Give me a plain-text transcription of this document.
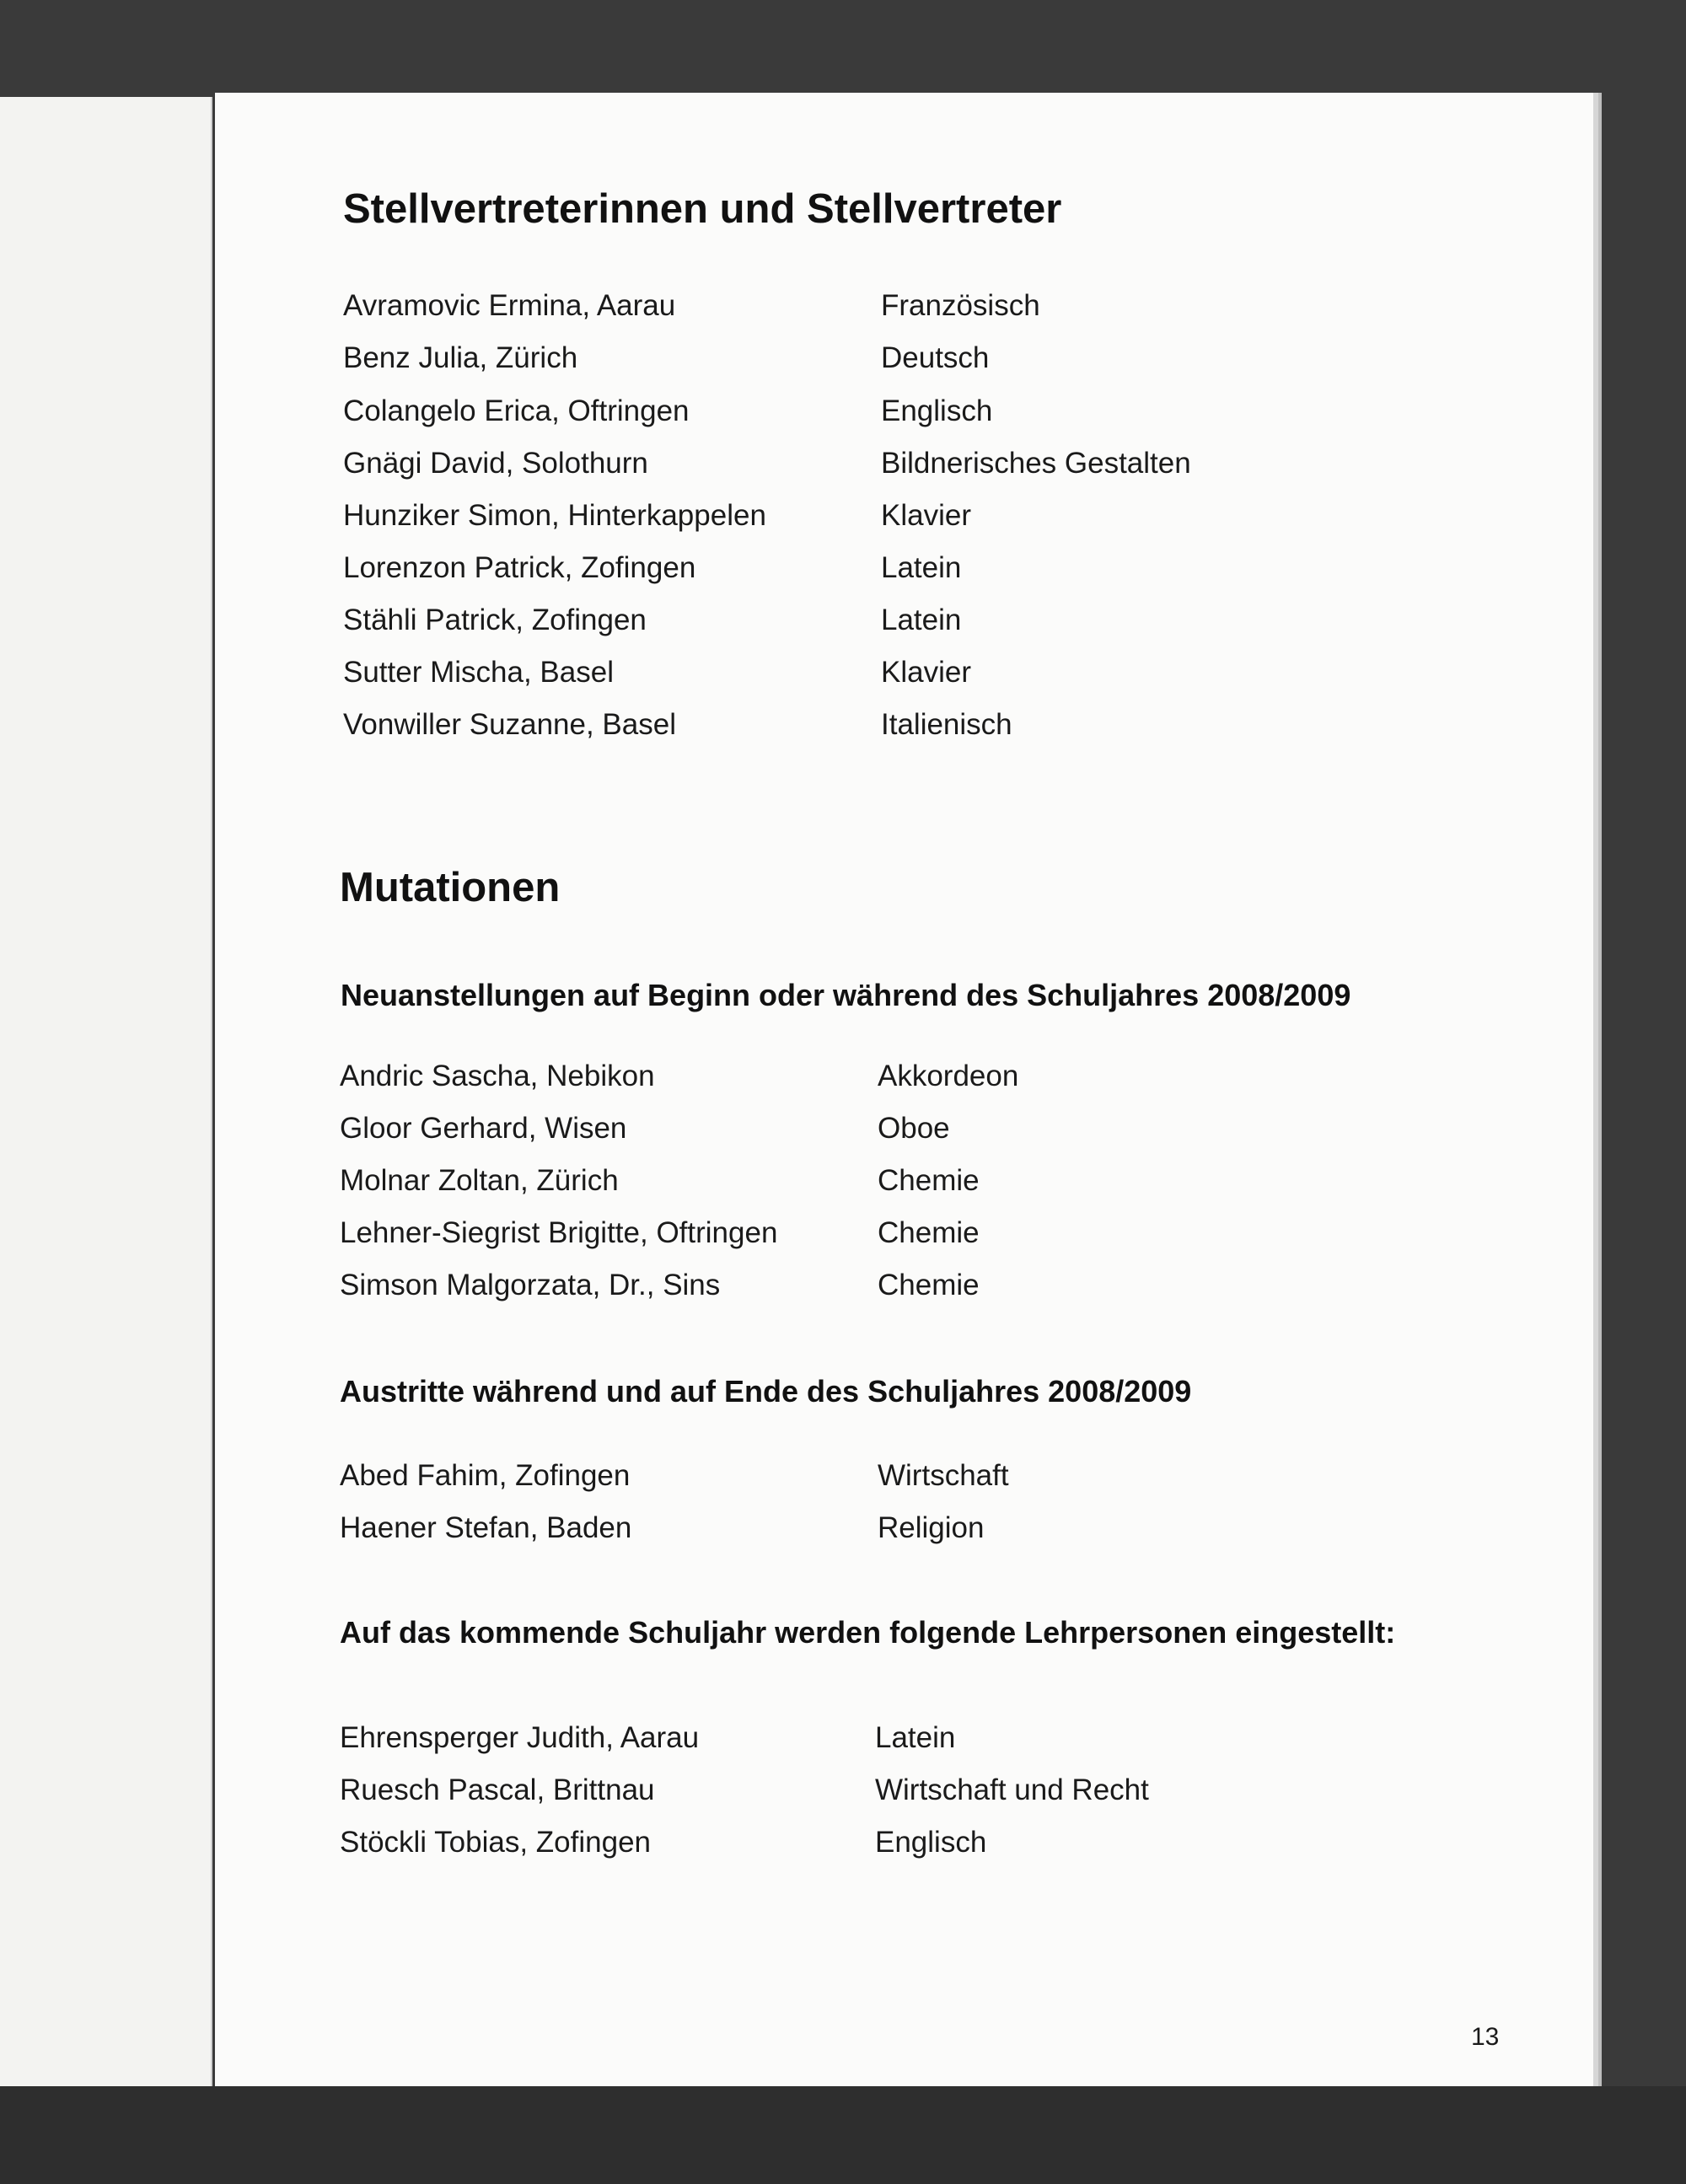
Stellvertreterinnen und Stellvertreter
Avramovic Ermina, Aarau	Französisch
Benz Julia, Zürich	Deutsch
Colangelo Erica, Oftringen	Englisch
Gnägi David, Solothurn	Bildnerisches Gestalten
Hunziker Simon, Hinterkappelen	Klavier
Lorenzon Patrick, Zofingen	Latein
Stähli Patrick, Zofingen	Latein
Sutter Mischa, Basel	Klavier
Vonwiller Suzanne, Basel	Italienisch
Mutationen
Neuanstellungen auf Beginn oder während des Schuljahres 2008/2009
Andric Sascha, Nebikon	Akkordeon
Gloor Gerhard, Wisen	Oboe
Molnar Zoltan, Zürich	Chemie
Lehner-Siegrist Brigitte, Oftringen	Chemie
Simson Malgorzata, Dr., Sins	Chemie
Austritte während und auf Ende des Schuljahres 2008/2009
Abed Fahim, Zofingen	Wirtschaft
Haener Stefan, Baden	Religion
Auf das kommende Schuljahr werden folgende Lehrpersonen eingestellt:
Ehrensperger Judith, Aarau	Latein
Ruesch Pascal, Brittnau	Wirtschaft und Recht
Stöckli Tobias, Zofingen	Englisch
13
